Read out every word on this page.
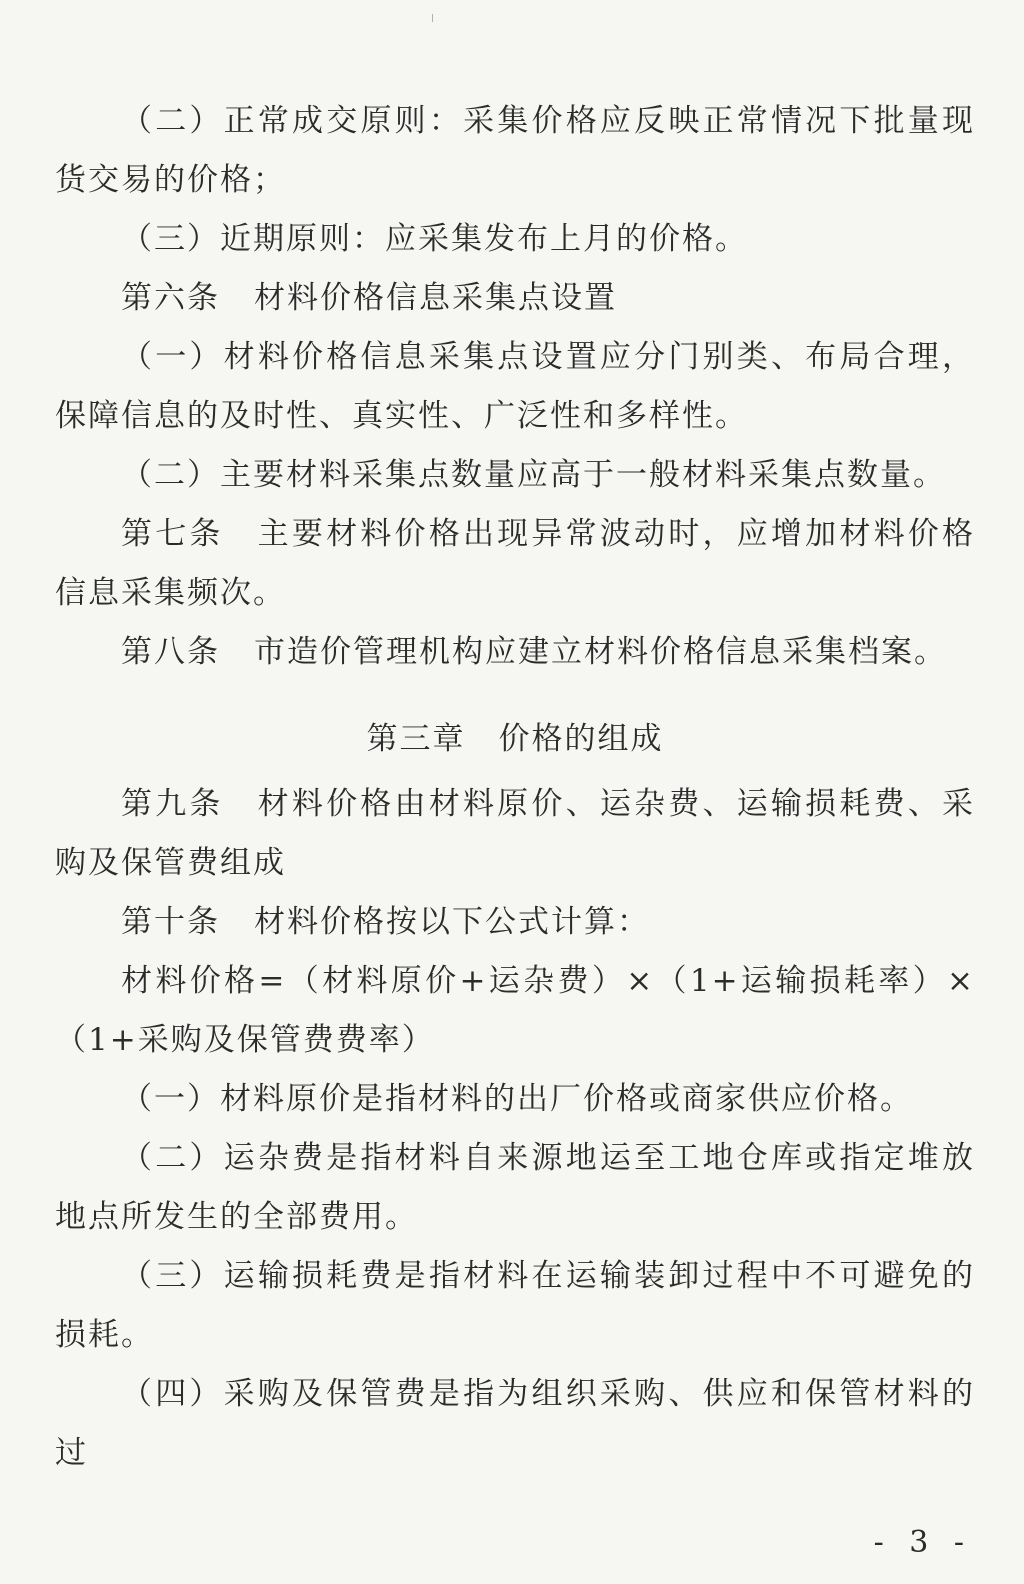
（二）正常成交原则：采集价格应反映正常情况下批量现货交易的价格；

（三）近期原则：应采集发布上月的价格。

第六条 材料价格信息采集点设置

（一）材料价格信息采集点设置应分门别类、布局合理，保障信息的及时性、真实性、广泛性和多样性。

（二）主要材料采集点数量应高于一般材料采集点数量。

第七条 主要材料价格出现异常波动时，应增加材料价格信息采集频次。

第八条 市造价管理机构应建立材料价格信息采集档案。

第三章　价格的组成

第九条 材料价格由材料原价、运杂费、运输损耗费、采购及保管费组成

第十条 材料价格按以下公式计算：

材料价格=（材料原价+运杂费）×（1+运输损耗率）×（1+采购及保管费费率）

（一）材料原价是指材料的出厂价格或商家供应价格。

（二）运杂费是指材料自来源地运至工地仓库或指定堆放地点所发生的全部费用。

（三）运输损耗费是指材料在运输装卸过程中不可避免的损耗。

（四）采购及保管费是指为组织采购、供应和保管材料的过

- 3 -
